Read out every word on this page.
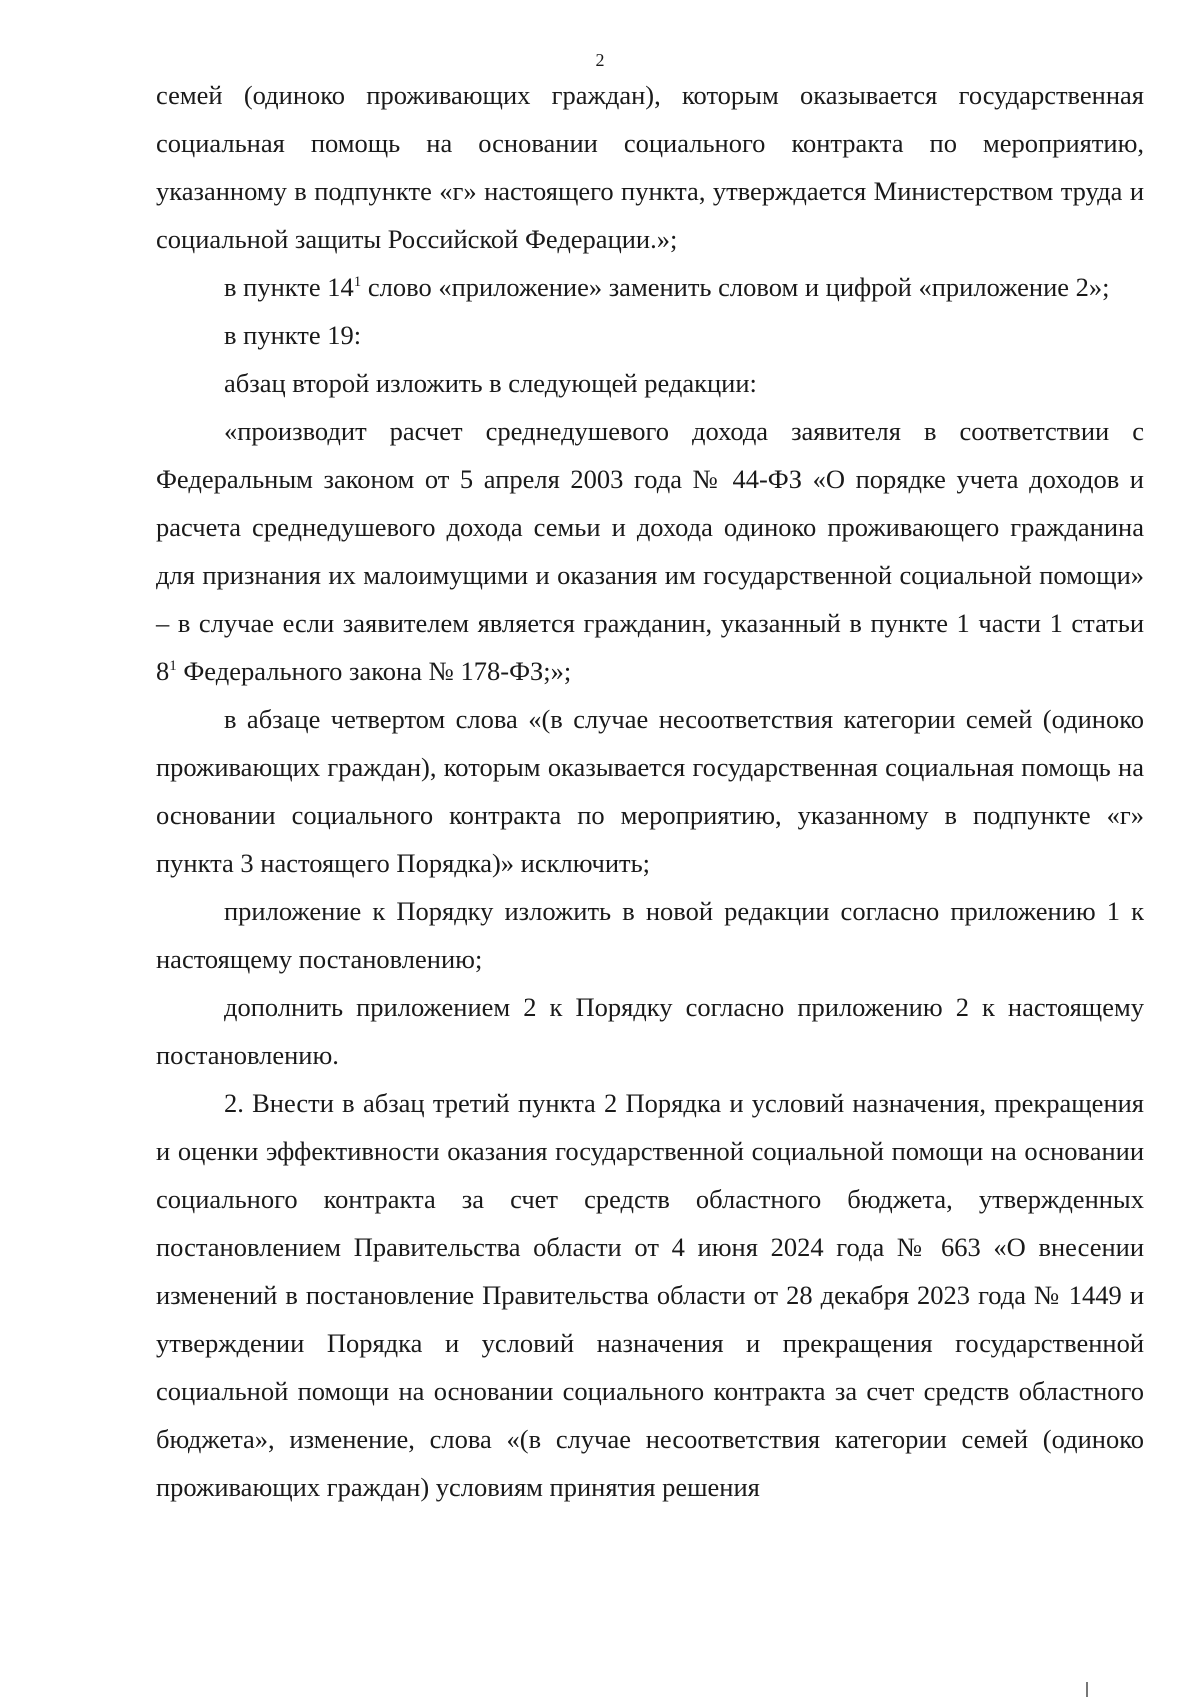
2

семей (одиноко проживающих граждан), которым оказывается государственная социальная помощь на основании социального контракта по мероприятию, указанному в подпункте «г» настоящего пункта, утверждается Министерством труда и социальной защиты Российской Федерации.»;

в пункте $14^1$ слово «приложение» заменить словом и цифрой «приложение 2»;

в пункте 19:

абзац второй изложить в следующей редакции:

«производит расчет среднедушевого дохода заявителя в соответствии с Федеральным законом от 5 апреля 2003 года № 44-ФЗ «О порядке учета доходов и расчета среднедушевого дохода семьи и дохода одиноко проживающего гражданина для признания их малоимущими и оказания им государственной социальной помощи» – в случае если заявителем является гражданин, указанный в пункте 1 части 1 статьи $8^1$ Федерального закона № 178-ФЗ;»;

в абзаце четвертом слова «(в случае несоответствия категории семей (одиноко проживающих граждан), которым оказывается государственная социальная помощь на основании социального контракта по мероприятию, указанному в подпункте «г» пункта 3 настоящего Порядка)» исключить;

приложение к Порядку изложить в новой редакции согласно приложению 1 к настоящему постановлению;

дополнить приложением 2 к Порядку согласно приложению 2 к настоящему постановлению.

2. Внести в абзац третий пункта 2 Порядка и условий назначения, прекращения и оценки эффективности оказания государственной социальной помощи на основании социального контракта за счет средств областного бюджета, утвержденных постановлением Правительства области от 4 июня 2024 года № 663 «О внесении изменений в постановление Правительства области от 28 декабря 2023 года № 1449 и утверждении Порядка и условий назначения и прекращения государственной социальной помощи на основании социального контракта за счет средств областного бюджета», изменение, слова «(в случае несоответствия категории семей (одиноко проживающих граждан) условиям принятия решения
